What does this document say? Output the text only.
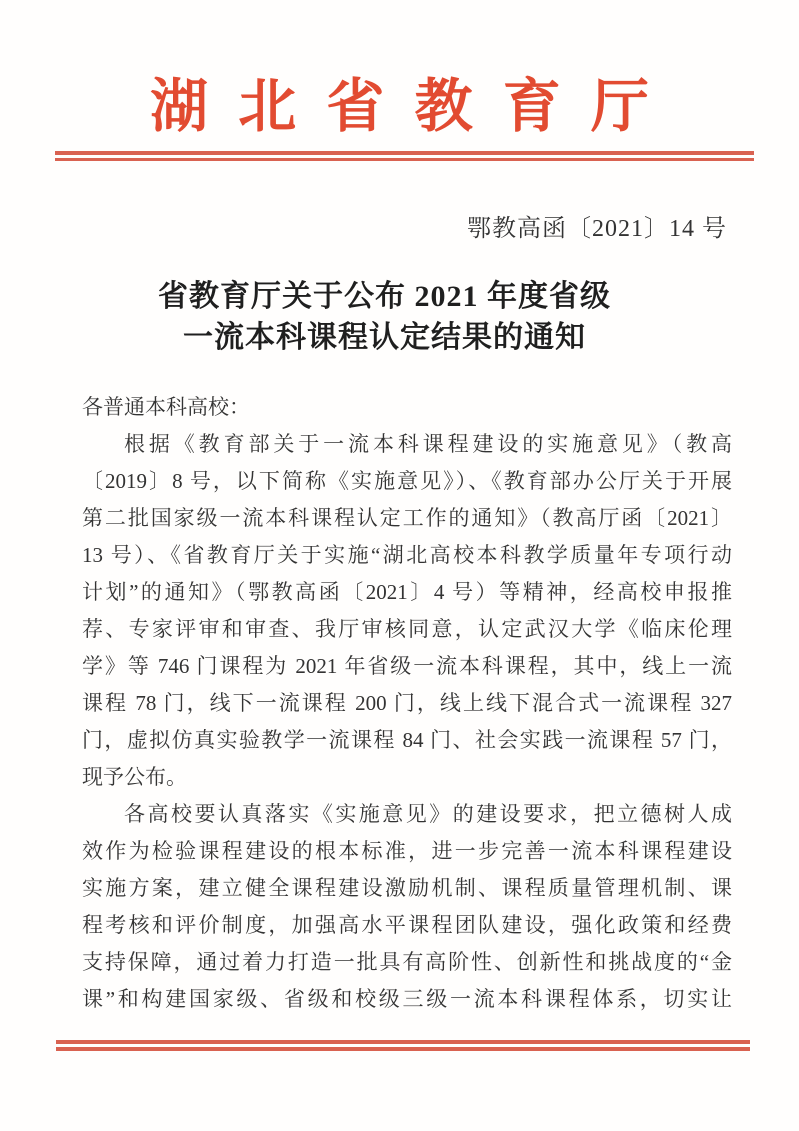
湖北省教育厅
鄂教高函〔2021〕14 号
省教育厅关于公布 2021 年度省级
一流本科课程认定结果的通知
各普通本科高校：
根据《教育部关于一流本科课程建设的实施意见》（教高
〔2019〕8 号，以下简称《实施意见》）、《教育部办公厅关于开展
第二批国家级一流本科课程认定工作的通知》（教高厅函〔2021〕
13 号）、《省教育厅关于实施“湖北高校本科教学质量年专项行动
计划”的通知》（鄂教高函〔2021〕4 号）等精神，经高校申报推
荐、专家评审和审查、我厅审核同意，认定武汉大学《临床伦理
学》等 746 门课程为 2021 年省级一流本科课程，其中，线上一流
课程 78 门，线下一流课程 200 门，线上线下混合式一流课程 327
门，虚拟仿真实验教学一流课程 84 门、社会实践一流课程 57 门，
现予公布。
各高校要认真落实《实施意见》的建设要求，把立德树人成
效作为检验课程建设的根本标准，进一步完善一流本科课程建设
实施方案，建立健全课程建设激励机制、课程质量管理机制、课
程考核和评价制度，加强高水平课程团队建设，强化政策和经费
支持保障，通过着力打造一批具有高阶性、创新性和挑战度的“金
课”和构建国家级、省级和校级三级一流本科课程体系，切实让
